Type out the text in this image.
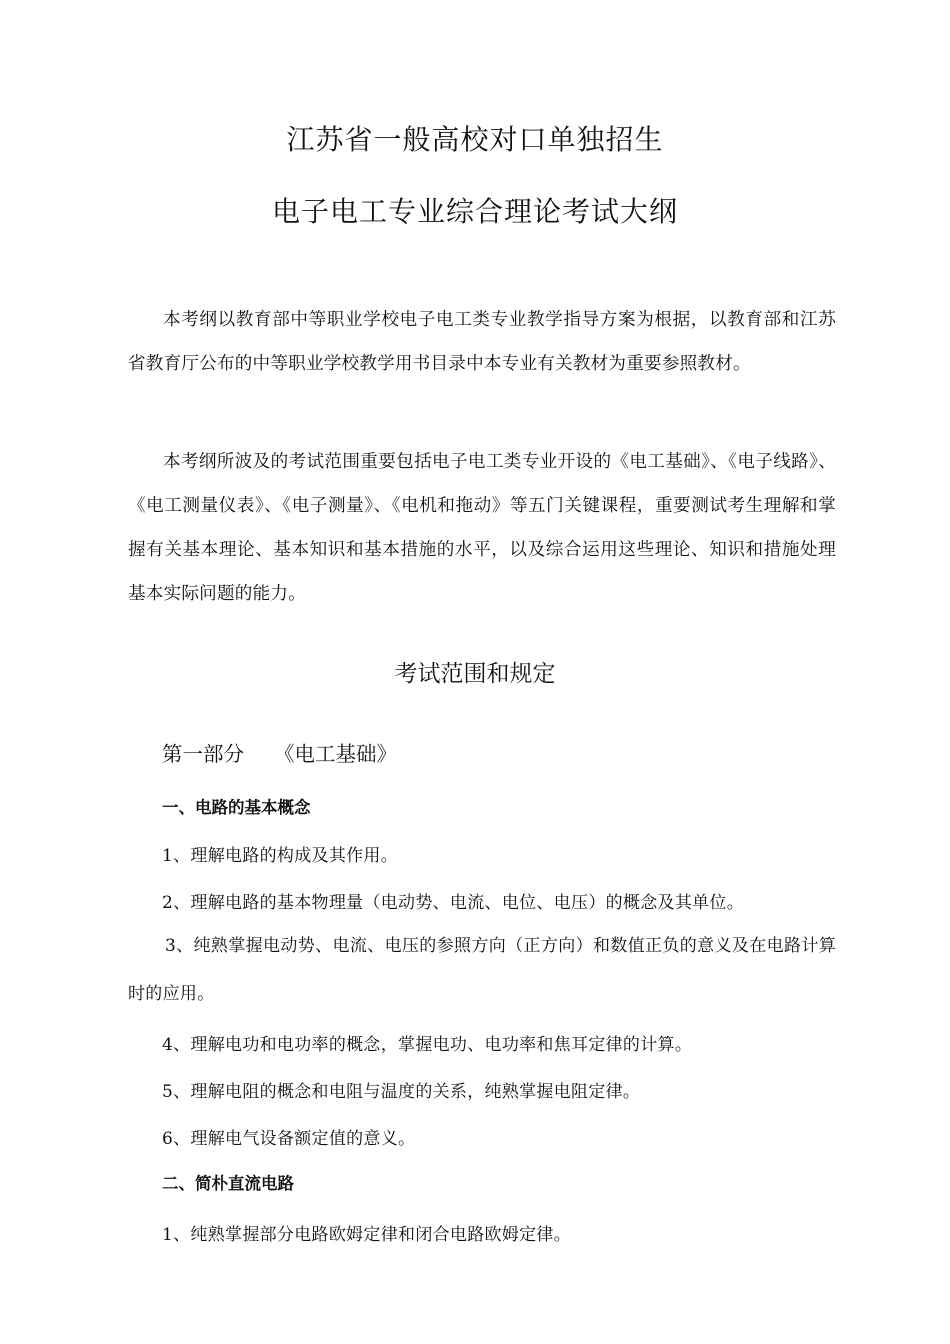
江苏省一般高校对口单独招生
电子电工专业综合理论考试大纲

本考纲以教育部中等职业学校电子电工类专业教学指导方案为根据，以教育部和江苏省教育厅公布的中等职业学校教学用书目录中本专业有关教材为重要参照教材。

本考纲所波及的考试范围重要包括电子电工类专业开设的《电工基础》、《电子线路》、《电工测量仪表》、《电子测量》、《电机和拖动》等五门关键课程，重要测试考生理解和掌握有关基本理论、基本知识和基本措施的水平，以及综合运用这些理论、知识和措施处理基本实际问题的能力。

考试范围和规定
第一部分 《电工基础》
一、电路的基本概念
1、理解电路的构成及其作用。
2、理解电路的基本物理量（电动势、电流、电位、电压）的概念及其单位。
3、纯熟掌握电动势、电流、电压的参照方向（正方向）和数值正负的意义及在电路计算时的应用。
4、理解电功和电功率的概念，掌握电功、电功率和焦耳定律的计算。
5、理解电阻的概念和电阻与温度的关系，纯熟掌握电阻定律。
6、理解电气设备额定值的意义。
二、简朴直流电路
1、纯熟掌握部分电路欧姆定律和闭合电路欧姆定律。
